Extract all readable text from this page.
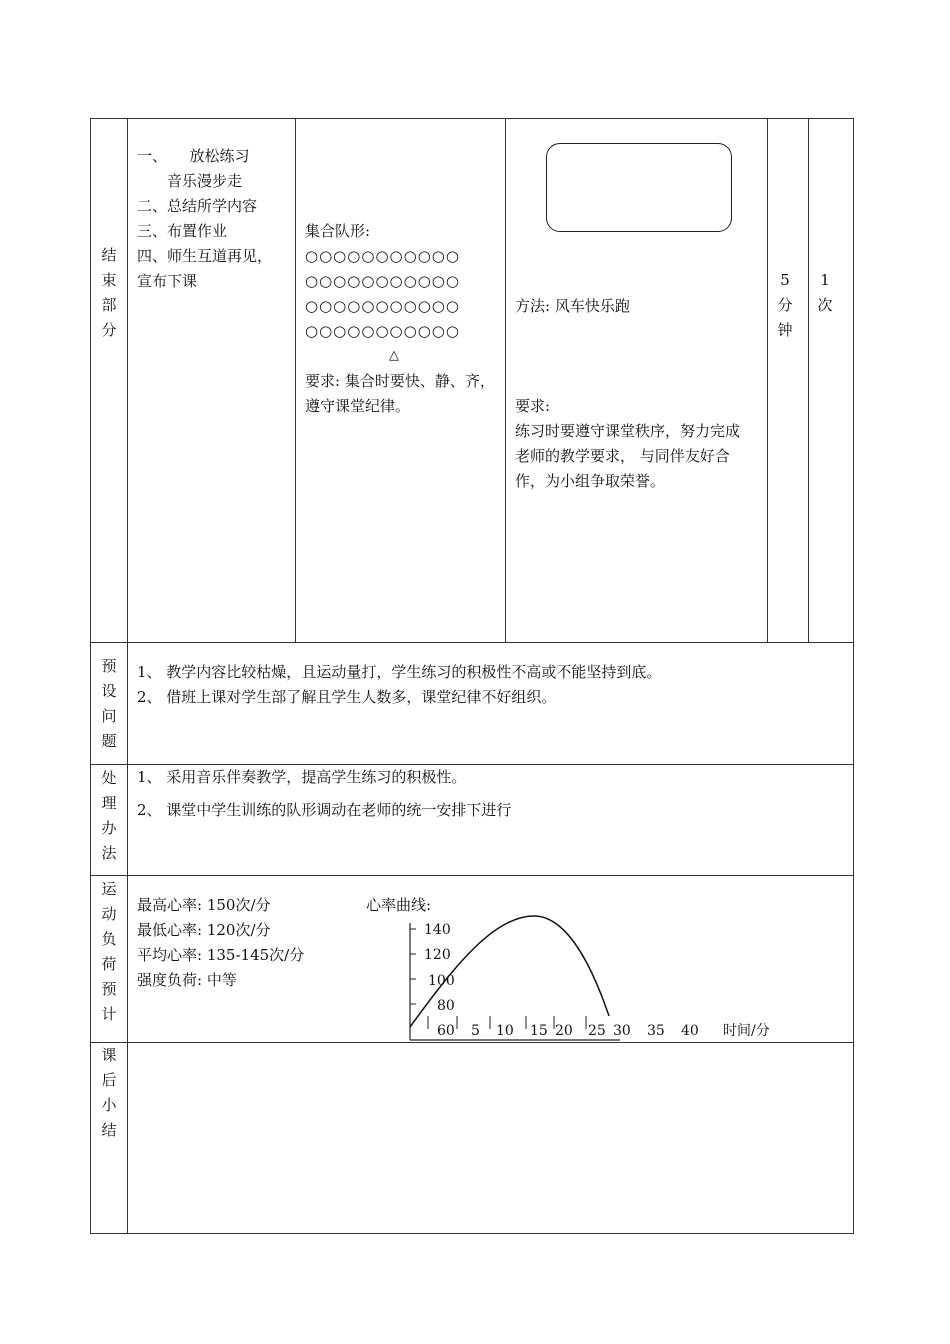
结
束
部
分
一、　　放松练习
　　音乐漫步走
二、总结所学内容
三、布置作业
四、师生互道再见，
宣布下课
集合队形:
○○○○○○○○○○○
○○○○○○○○○○○
○○○○○○○○○○○
○○○○○○○○○○○
△
要求: 集合时要快、静、齐，
遵守课堂纪律。
方法: 风车快乐跑
要求:
练习时要遵守课堂秩序，努力完成
老师的教学要求， 与同伴友好合
作，为小组争取荣誉。
5
分
钟
1
次
预
设
问
题
1、 教学内容比较枯燥，且运动量打，学生练习的积极性不高或不能坚持到底。
2、 借班上课对学生部了解且学生人数多，课堂纪律不好组织。
处
理
办
法
1、 采用音乐伴奏教学，提高学生练习的积极性。
2、 课堂中学生训练的队形调动在老师的统一安排下进行
运
动
负
荷
预
计
最高心率: 150次/分
最低心率: 120次/分
平均心率: 135-145次/分
强度负荷: 中等
心率曲线:
140
120
100
80
60 5 10 15 20 25 30 35 40 时间/分
课
后
小
结
